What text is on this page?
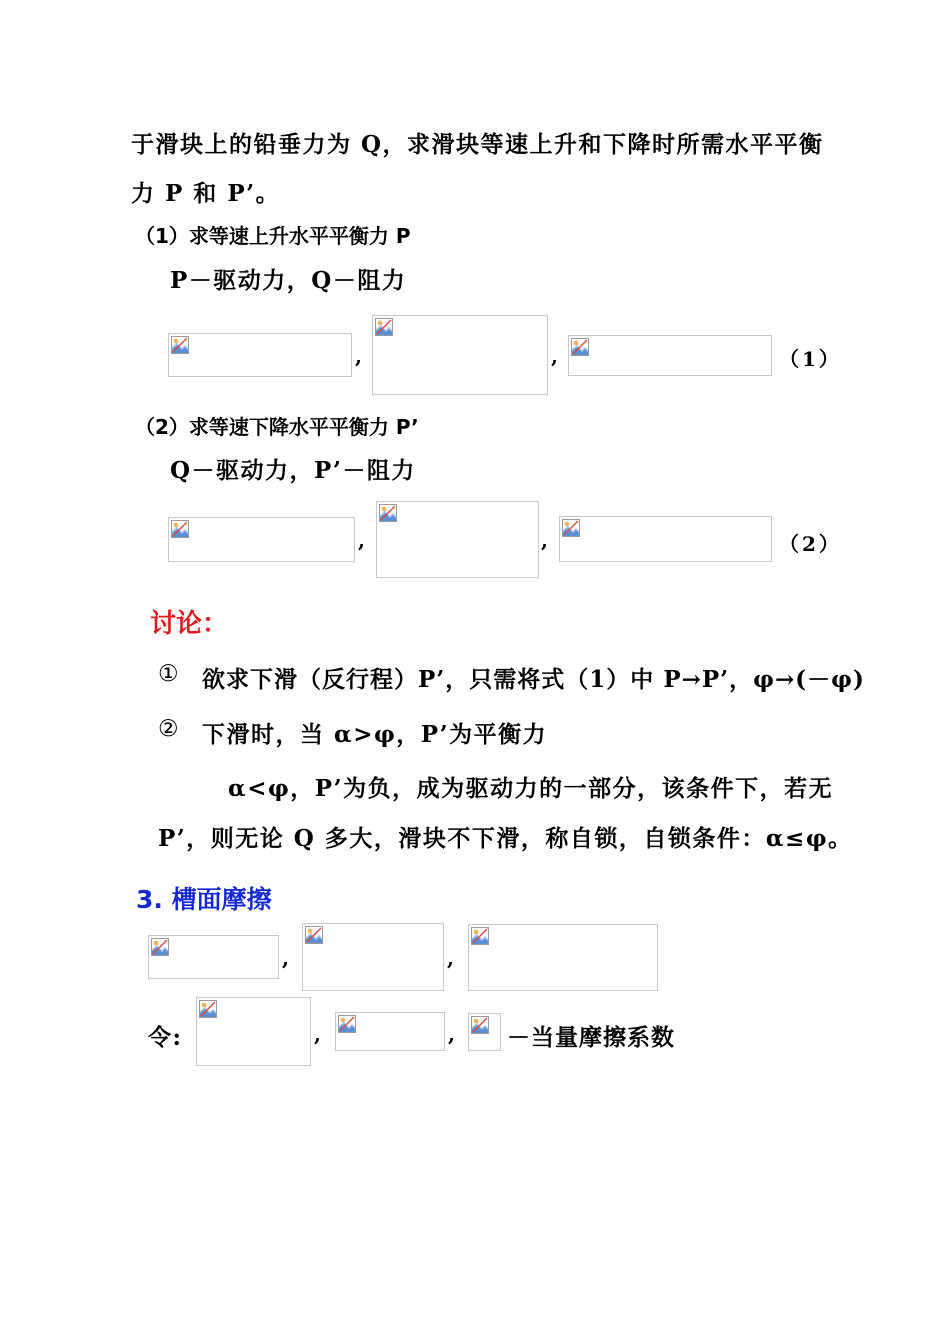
于滑块上的铅垂力为 Q，求滑块等速上升和下降时所需水平平衡
力 P 和 P’。
（1）求等速上升水平平衡力 P
P－驱动力，Q－阻力
,	,	（1）
（2）求等速下降水平平衡力 P’
Q－驱动力，P’－阻力
,	,	（2）
讨论：
① 欲求下滑（反行程）P’，只需将式（1）中 P→P’，φ→(－φ)
② 下滑时，当 α>φ，P’为平衡力
α<φ，P’为负，成为驱动力的一部分，该条件下，若无
P’，则无论 Q 多大，滑块不下滑，称自锁，自锁条件：α≤φ。
3. 槽面摩擦
,	,
令:	,	, －当量摩擦系数
